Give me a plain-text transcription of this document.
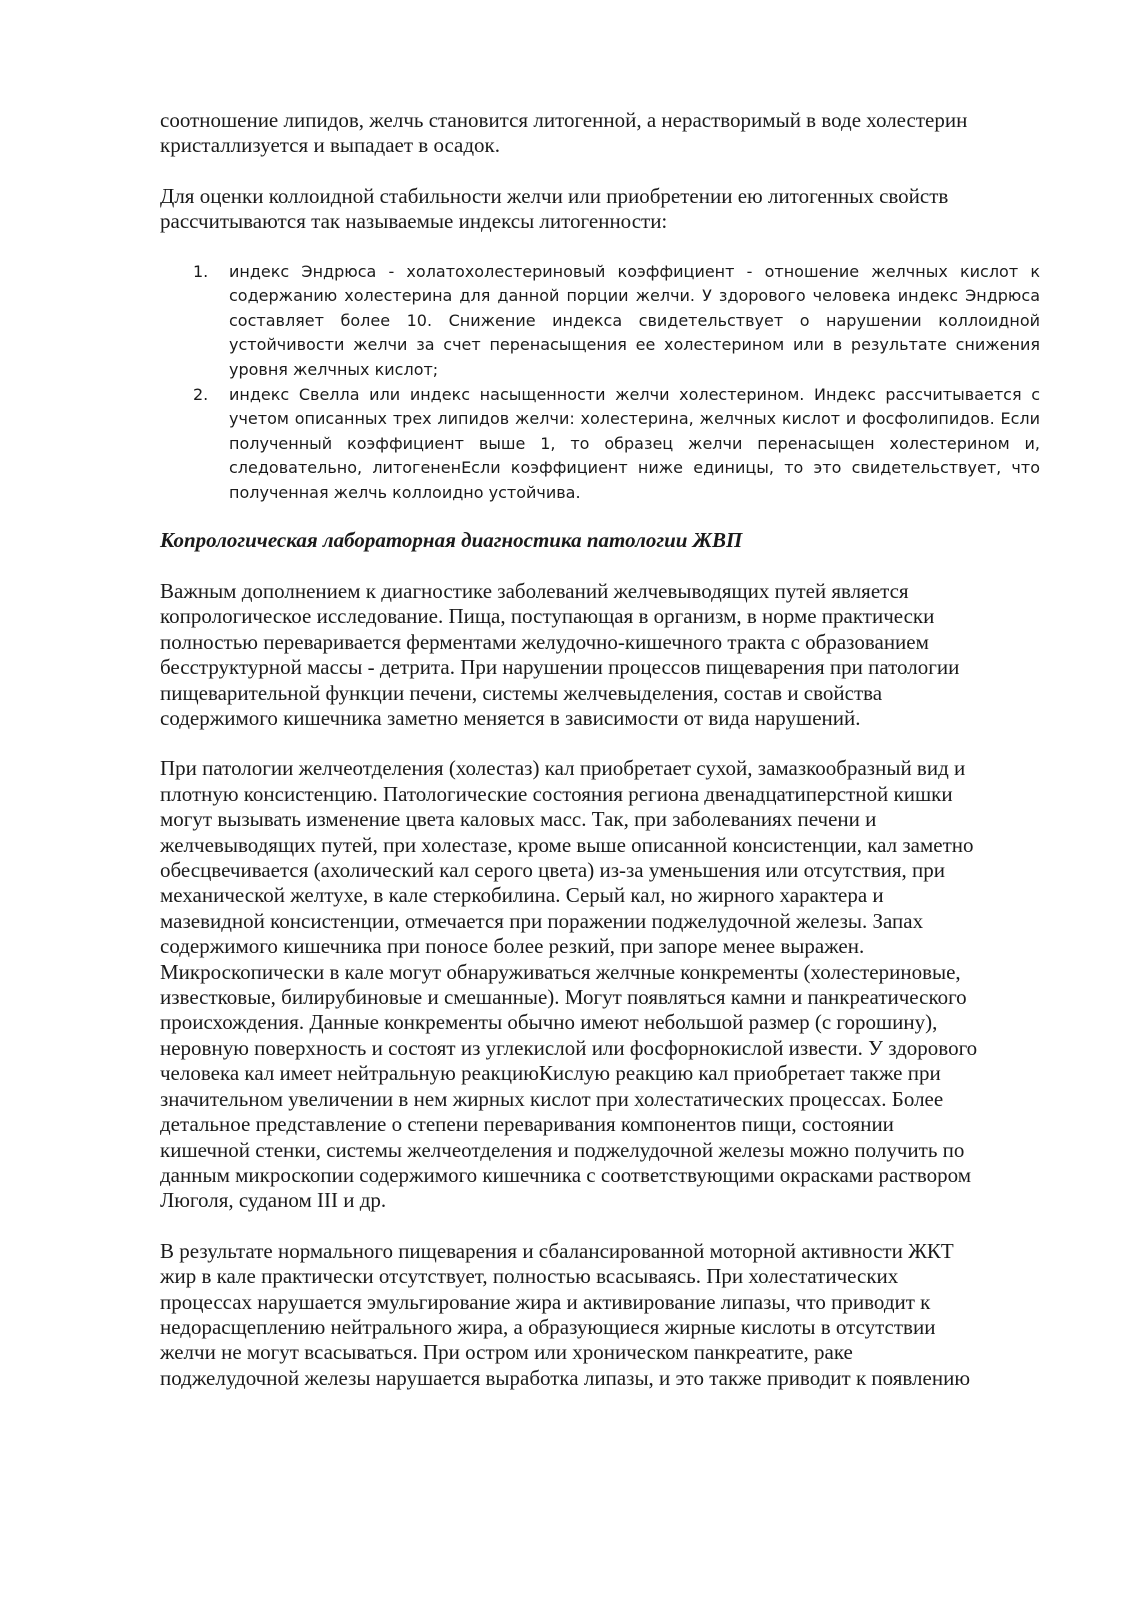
соотношение липидов, желчь становится литогенной, а нерастворимый в воде холестерин
кристаллизуется и выпадает в осадок.

Для оценки коллоидной стабильности желчи или приобретении ею литогенных свойств
рассчитываются так называемые индексы литогенности:

1. индекс Эндрюса - холатохолестериновый коэффициент - отношение желчных кислот к содержанию холестерина для данной порции желчи. У здорового человека индекс Эндрюса составляет более 10. Снижение индекса свидетельствует о нарушении коллоидной устойчивости желчи за счет перенасыщения ее холестерином или в результате снижения уровня желчных кислот;
2. индекс Свелла или индекс насыщенности желчи холестерином. Индекс рассчитывается с учетом описанных трех липидов желчи: холестерина, желчных кислот и фосфолипидов. Если полученный коэффициент выше 1, то образец желчи перенасыщен холестерином и, следовательно, литогененЕсли коэффициент ниже единицы, то это свидетельствует, что полученная желчь коллоидно устойчива.

Копрологическая лабораторная диагностика патологии ЖВП

Важным дополнением к диагностике заболеваний желчевыводящих путей является
копрологическое исследование. Пища, поступающая в организм, в норме практически
полностью переваривается ферментами желудочно-кишечного тракта с образованием
бесструктурной массы - детрита. При нарушении процессов пищеварения при патологии
пищеварительной функции печени, системы желчевыделения, состав и свойства
содержимого кишечника заметно меняется в зависимости от вида нарушений.

При патологии желчеотделения (холестаз) кал приобретает сухой, замазкообразный вид и
плотную консистенцию. Патологические состояния региона двенадцатиперстной кишки
могут вызывать изменение цвета каловых масс. Так, при заболеваниях печени и
желчевыводящих путей, при холестазе, кроме выше описанной консистенции, кал заметно
обесцвечивается (ахолический кал серого цвета) из-за уменьшения или отсутствия, при
механической желтухе, в кале стеркобилина. Серый кал, но жирного характера и
мазевидной консистенции, отмечается при поражении поджелудочной железы. Запах
содержимого кишечника при поносе более резкий, при запоре менее выражен.
Микроскопически в кале могут обнаруживаться желчные конкременты (холестериновые,
известковые, билирубиновые и смешанные). Могут появляться камни и панкреатического
происхождения. Данные конкременты обычно имеют небольшой размер (с горошину),
неровную поверхность и состоят из углекислой или фосфорнокислой извести. У здорового
человека кал имеет нейтральную реакциюКислую реакцию кал приобретает также при
значительном увеличении в нем жирных кислот при холестатических процессах. Более
детальное представление о степени переваривания компонентов пищи, состоянии
кишечной стенки, системы желчеотделения и поджелудочной железы можно получить по
данным микроскопии содержимого кишечника с соответствующими окрасками раствором
Люголя, суданом III и др.

В результате нормального пищеварения и сбалансированной моторной активности ЖКТ
жир в кале практически отсутствует, полностью всасываясь. При холестатических
процессах нарушается эмульгирование жира и активирование липазы, что приводит к
недорасщеплению нейтрального жира, а образующиеся жирные кислоты в отсутствии
желчи не могут всасываться. При остром или хроническом панкреатите, раке
поджелудочной железы нарушается выработка липазы, и это также приводит к появлению
